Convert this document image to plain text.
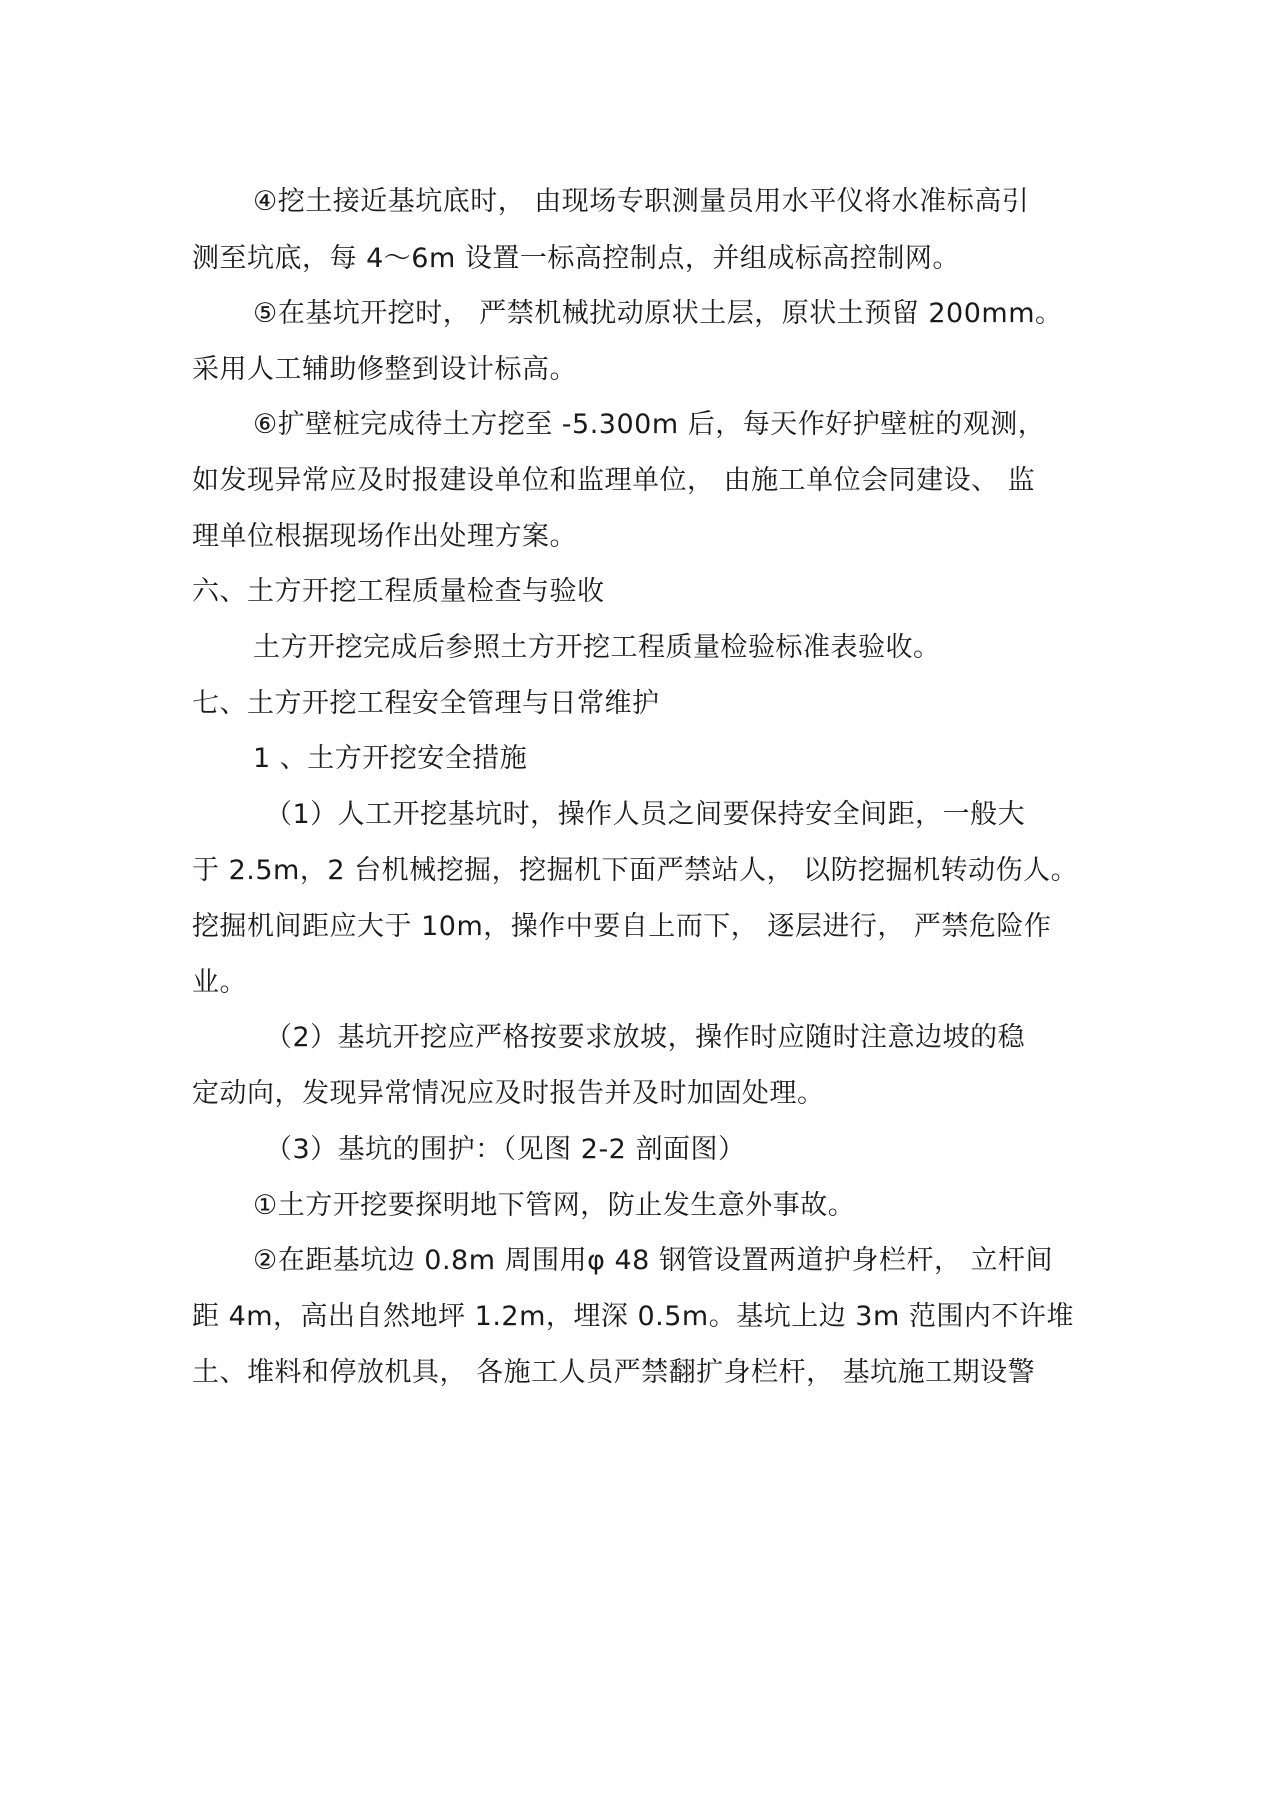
④挖土接近基坑底时， 由现场专职测量员用水平仪将水准标高引
测至坑底，每 4～6m 设置一标高控制点，并组成标高控制网。
⑤在基坑开挖时， 严禁机械扰动原状土层，原状土预留 200mm。
采用人工辅助修整到设计标高。
⑥扩壁桩完成待土方挖至 -5.300m 后，每天作好护壁桩的观测，
如发现异常应及时报建设单位和监理单位， 由施工单位会同建设、 监
理单位根据现场作出处理方案。
六、土方开挖工程质量检查与验收
土方开挖完成后参照土方开挖工程质量检验标准表验收。
七、土方开挖工程安全管理与日常维护
1 、土方开挖安全措施
（1）人工开挖基坑时，操作人员之间要保持安全间距，一般大
于 2.5m，2 台机械挖掘，挖掘机下面严禁站人， 以防挖掘机转动伤人。
挖掘机间距应大于 10m，操作中要自上而下， 逐层进行， 严禁危险作
业。
（2）基坑开挖应严格按要求放坡，操作时应随时注意边坡的稳
定动向，发现异常情况应及时报告并及时加固处理。
（3）基坑的围护：（见图 2-2 剖面图）
①土方开挖要探明地下管网，防止发生意外事故。
②在距基坑边 0.8m 周围用φ 48 钢管设置两道护身栏杆， 立杆间
距 4m，高出自然地坪 1.2m，埋深 0.5m。基坑上边 3m 范围内不许堆
土、堆料和停放机具， 各施工人员严禁翻扩身栏杆， 基坑施工期设警
